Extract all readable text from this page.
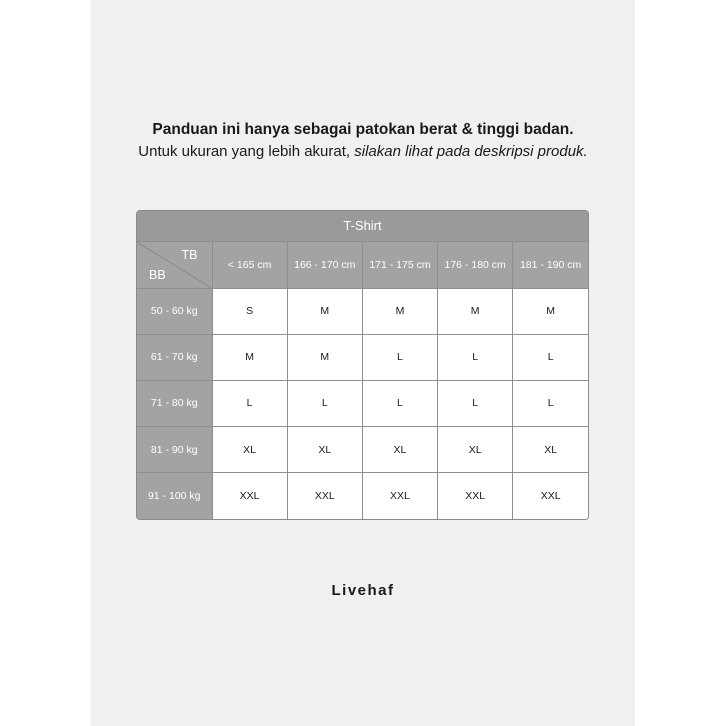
Panduan ini hanya sebagai patokan berat & tinggi badan.
Untuk ukuran yang lebih akurat, silakan lihat pada deskripsi produk.
T-Shirt					

TB
BB	< 165 cm	166 - 170 cm	171 - 175 cm	176 - 180 cm	181 - 190 cm
50 - 60 kg	S	M	M	M	M
61 - 70 kg	M	M	L	L	L
71 - 80 kg	L	L	L	L	L
81 - 90 kg	XL	XL	XL	XL	XL
91 - 100 kg	XXL	XXL	XXL	XXL	XXL
Livehaf
